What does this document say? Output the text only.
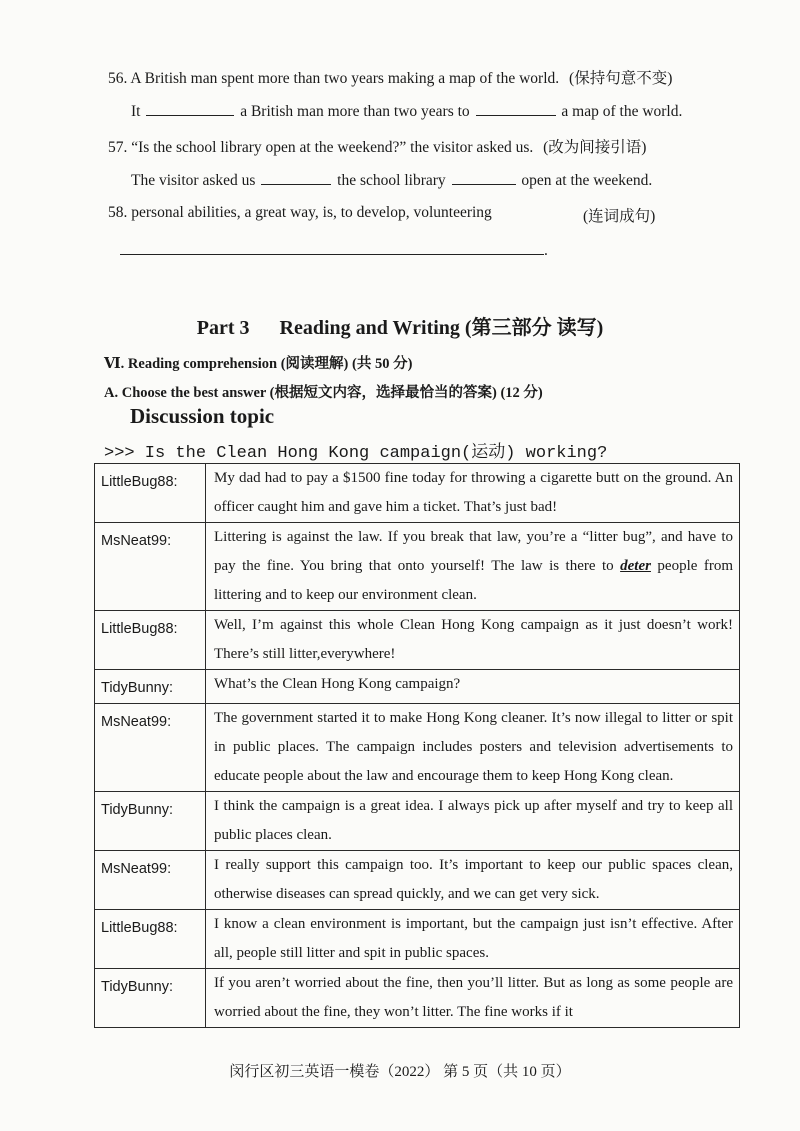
56. A British man spent more than two years making a map of the world. (保持句意不变)
It	a British man more than two years to	a map of the world.
57. “Is the school library open at the weekend?” the visitor asked us. (改为间接引语)
The visitor asked us	the school library	open at the weekend.
58. personal abilities, a great way, is, to develop, volunteering	(连词成句)
.
Part 3 Reading and Writing (第三部分 读写)
Ⅵ. Reading comprehension (阅读理解) (共 50 分)
A. Choose the best answer (根据短文内容，选择最恰当的答案) (12 分)
Discussion topic
>>> Is the Clean Hong Kong campaign(运动) working?
LittleBug88:	My dad had to pay a $1500 fine today for throwing a cigarette butt on the ground. An officer caught him and gave him a ticket. That’s just bad!
MsNeat99:	Littering is against the law. If you break that law, you’re a “litter bug”, and have to pay the fine. You bring that onto yourself! The law is there to deter people from littering and to keep our environment clean.
LittleBug88:	Well, I’m against this whole Clean Hong Kong campaign as it just doesn’t work! There’s still litter,everywhere!
TidyBunny:	What’s the Clean Hong Kong campaign?
MsNeat99:	The government started it to make Hong Kong cleaner. It’s now illegal to litter or spit in public places. The campaign includes posters and television advertisements to educate people about the law and encourage them to keep Hong Kong clean.
TidyBunny:	I think the campaign is a great idea. I always pick up after myself and try to keep all public places clean.
MsNeat99:	I really support this campaign too. It’s important to keep our public spaces clean, otherwise diseases can spread quickly, and we can get very sick.
LittleBug88:	I know a clean environment is important, but the campaign just isn’t effective. After all, people still litter and spit in public spaces.
TidyBunny:	If you aren’t worried about the fine, then you’ll litter. But as long as some people are worried about the fine, they won’t litter. The fine works if it
闵行区初三英语一模卷（2022） 第 5 页（共 10 页）
